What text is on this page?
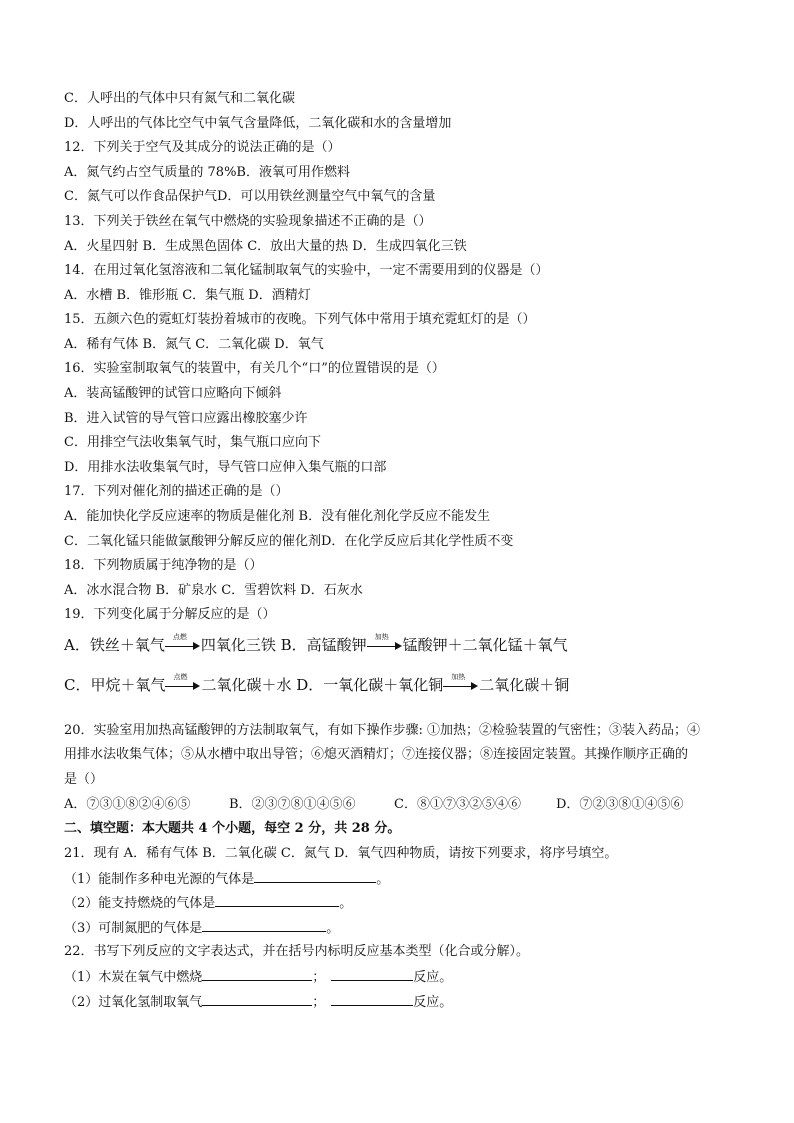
C．人呼出的气体中只有氮气和二氧化碳
D．人呼出的气体比空气中氧气含量降低，二氧化碳和水的含量增加
12．下列关于空气及其成分的说法正确的是（）
A．氮气约占空气质量的 78%B．液氧可用作燃料
C．氮气可以作食品保护气D．可以用铁丝测量空气中氧气的含量
13．下列关于铁丝在氧气中燃烧的实验现象描述不正确的是（）
A．火星四射 B．生成黑色固体 C．放出大量的热 D．生成四氧化三铁
14．在用过氧化氢溶液和二氧化锰制取氧气的实验中，一定不需要用到的仪器是（）
A．水槽 B．锥形瓶 C．集气瓶 D．酒精灯
15．五颜六色的霓虹灯装扮着城市的夜晚。下列气体中常用于填充霓虹灯的是（）
A．稀有气体 B．氮气 C．二氧化碳 D．氧气
16．实验室制取氧气的装置中，有关几个“口”的位置错误的是（）
A．装高锰酸钾的试管口应略向下倾斜
B．进入试管的导气管口应露出橡胶塞少许
C．用排空气法收集氧气时，集气瓶口应向下
D．用排水法收集氧气时，导气管口应伸入集气瓶的口部
17．下列对催化剂的描述正确的是（）
A．能加快化学反应速率的物质是催化剂 B．没有催化剂化学反应不能发生
C．二氧化锰只能做氯酸钾分解反应的催化剂D．在化学反应后其化学性质不变
18．下列物质属于纯净物的是（）
A．冰水混合物 B．矿泉水 C．雪碧饮料 D．石灰水
19．下列变化属于分解反应的是（）
A．铁丝＋氧气	点燃 四氧化三铁 B．高锰酸钾	加热 锰酸钾＋二氧化锰＋氧气
C．甲烷＋氧气	点燃 二氧化碳＋水 D．一氧化碳＋氧化铜	加热 二氧化碳＋铜
20．实验室用加热高锰酸钾的方法制取氧气，有如下操作步骤: ①加热；②检验装置的气密性；③装入药品；④
用排水法收集气体；⑤从水槽中取出导管；⑥熄灭酒精灯；⑦连接仪器；⑧连接固定装置。其操作顺序正确的
是（）
A．⑦③①⑧②④⑥⑤	B．②③⑦⑧①④⑤⑥	C．⑧①⑦③②⑤④⑥	D．⑦②③⑧①④⑤⑥
二、填空题：本大题共 4 个小题，每空 2 分，共 28 分。
21．现有 A．稀有气体 B．二氧化碳 C．氮气 D．氧气四种物质，请按下列要求，将序号填空。
（1）能制作多种电光源的气体是	。
（2）能支持燃烧的气体是	。
（3）可制氮肥的气体是	。
22．书写下列反应的文字表达式，并在括号内标明反应基本类型（化合或分解）。
（1）木炭在氧气中燃烧	；	反应。
（2）过氧化氢制取氧气	；	反应。
